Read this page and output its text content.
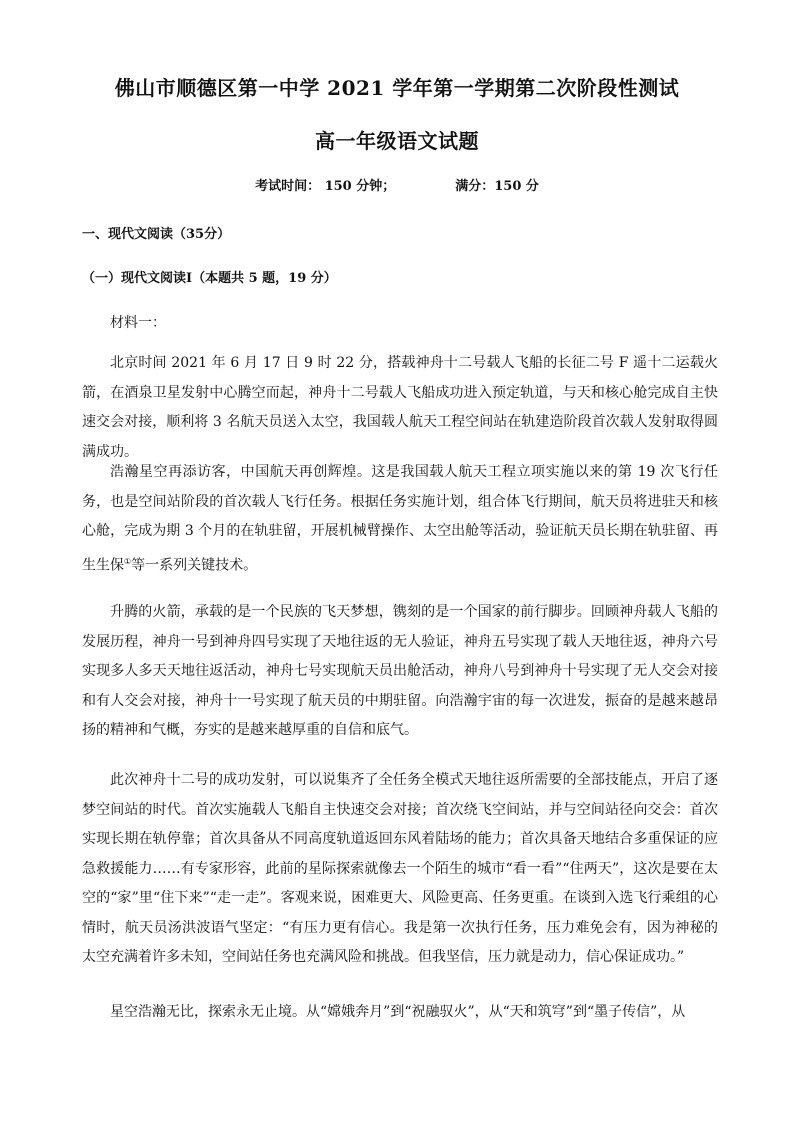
佛山市顺德区第一中学 2021 学年第一学期第二次阶段性测试
高一年级语文试题
考试时间： 150 分钟；	满分：150 分
一、现代文阅读（35分）
（一）现代文阅读Ⅰ（本题共 5 题，19 分）
材料一：

北京时间 2021 年 6 月 17 日 9 时 22 分，搭载神舟十二号载人飞船的长征二号 F 遥十二运载火箭，在酒泉卫星发射中心腾空而起，神舟十二号载人飞船成功进入预定轨道，与天和核心舱完成自主快速交会对接，顺利将 3 名航天员送入太空，我国载人航天工程空间站在轨建造阶段首次载人发射取得圆满成功。

浩瀚星空再添访客，中国航天再创辉煌。这是我国载人航天工程立项实施以来的第 19 次飞行任务，也是空间站阶段的首次载人飞行任务。根据任务实施计划，组合体飞行期间，航天员将进驻天和核心舱，完成为期 3 个月的在轨驻留，开展机械臂操作、太空出舱等活动，验证航天员长期在轨驻留、再生生保①等一系列关键技术。

升腾的火箭，承载的是一个民族的飞天梦想，镌刻的是一个国家的前行脚步。回顾神舟载人飞船的发展历程，神舟一号到神舟四号实现了天地往返的无人验证，神舟五号实现了载人天地往返，神舟六号实现多人多天天地往返活动，神舟七号实现航天员出舱活动，神舟八号到神舟十号实现了无人交会对接和有人交会对接，神舟十一号实现了航天员的中期驻留。向浩瀚宇宙的每一次进发，振奋的是越来越昂扬的精神和气概，夯实的是越来越厚重的自信和底气。

此次神舟十二号的成功发射，可以说集齐了全任务全模式天地往返所需要的全部技能点，开启了逐梦空间站的时代。首次实施载人飞船自主快速交会对接；首次绕飞空间站，并与空间站径向交会：首次实现长期在轨停靠；首次具备从不同高度轨道返回东风着陆场的能力；首次具备天地结合多重保证的应急救援能力……有专家形容，此前的星际探索就像去一个陌生的城市“看一看”“住两天”，这次是要在太空的“家”里“住下来”“走一走”。客观来说，困难更大、风险更高、任务更重。在谈到入选飞行乘组的心情时，航天员汤洪波语气坚定：“有压力更有信心。我是第一次执行任务，压力难免会有，因为神秘的太空充满着许多未知，空间站任务也充满风险和挑战。但我坚信，压力就是动力，信心保证成功。”

星空浩瀚无比，探索永无止境。从“嫦娥奔月”到“祝融驭火”，从“天和筑穹”到“墨子传信”，从
